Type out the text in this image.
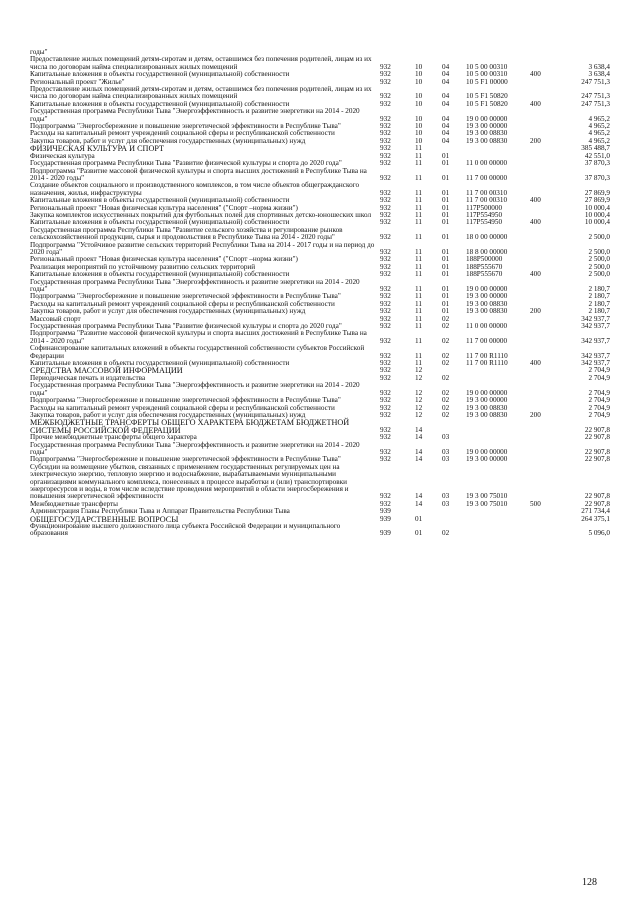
годы"
Предоставление жилых помещений детям-сиротам и детям, оставшимся без попечения родителей, лицам из их числа по договорам найма специализированных жилых помещений	932	10	04 10 5 00 00310	3 638,4
Капитальные вложения в объекты государственной (муниципальной) собственности	932	10	04 10 5 00 00310	400	3 638,4
Региональный проект "Жилье"	932	10	04 10 5 F1 00000	247 751,3
Предоставление жилых помещений детям-сиротам и детям, оставшимся без попечения родителей, лицам из их числа по договорам найма специализированных жилых помещений	932	10	04 10 5 F1 50820	247 751,3
Капитальные вложения в объекты государственной (муниципальной) собственности	932	10	04 10 5 F1 50820	400	247 751,3
Государственная программа Республики Тыва "Энергоэффективность и развитие энергетики на 2014 - 2020 годы"	932	10	04 19 0 00 00000	4 965,2
Подпрограмма "Энергосбережение и повышение энергетической эффективности в Республике Тыва"	932	10	04 19 3 00 00000	4 965,2
Расходы на капитальный ремонт учреждений социальной сферы и республиканской собственности	932	10	04 19 3 00 08830	4 965,2
Закупка товаров, работ и услуг для обеспечения государственных (муниципальных) нужд	932	10	04 19 3 00 08830	200	4 965,2
ФИЗИЧЕСКАЯ КУЛЬТУРА И СПОРТ	932	11	385 488,7
Физическая культура	932	11	01	42 551,0
Государственная программа Республики Тыва "Развитие физической культуры и спорта до 2020 года"	932	11	01 11 0 00 00000	37 870,3
Подпрограмма "Развитие массовой физической культуры и спорта высших достижений в Республике Тыва на 2014 - 2020 годы"	932	11	01 11 7 00 00000	37 870,3
Создание объектов социального и производственного комплексов, в том числе объектов общегражданского назначения, жилья, инфраструктуры	932	11	01 11 7 00 00310	27 869,9
Капитальные вложения в объекты государственной (муниципальной) собственности	932	11	01 11 7 00 00310	400	27 869,9
Региональный проект "Новая физическая культура населения" ("Спорт –норма жизни")	932	11	01 117P500000	10 000,4
Закупка комплектов искусственных покрытий для футбольных полей для спортивных детско-юношеских школ	932	11	01 117P554950	10 000,4
Капитальные вложения в объекты государственной (муниципальной) собственности	932	11	01 117P554950	400	10 000,4
Государственная программа Республики Тыва "Развитие сельского хозяйства и регулирование рынков сельскохозяйственной продукции, сырья и продовольствия в Республике Тыва на 2014 - 2020 годы"	932	11	01 18 0 00 00000	2 500,0
Подпрограмма "Устойчивое развитие сельских территорий Республики Тыва на 2014 - 2017 годы и на период до 2020 года"	932	11	01 18 8 00 00000	2 500,0
Региональный проект "Новая физическая культура населения" ("Спорт –норма жизни")	932	11	01 188P500000	2 500,0
Реализация мероприятий по устойчивому развитию сельских территорий	932	11	01 188P555670	2 500,0
Капитальные вложения в объекты государственной (муниципальной) собственности	932	11	01 188P555670	400	2 500,0
Государственная программа Республики Тыва "Энергоэффективность и развитие энергетики на 2014 - 2020 годы"	932	11	01 19 0 00 00000	2 180,7
Подпрограмма "Энергосбережение и повышение энергетической эффективности в Республике Тыва"	932	11	01 19 3 00 00000	2 180,7
Расходы на капитальный ремонт учреждений социальной сферы и республиканской собственности	932	11	01 19 3 00 08830	2 180,7
Закупка товаров, работ и услуг для обеспечения государственных (муниципальных) нужд	932	11	01 19 3 00 08830	200	2 180,7
Массовый спорт	932	11	02	342 937,7
Государственная программа Республики Тыва "Развитие физической культуры и спорта до 2020 года"	932	11	02 11 0 00 00000	342 937,7
Подпрограмма "Развитие массовой физической культуры и спорта высших достижений в Республике Тыва на 2014 - 2020 годы"	932	11	02 11 7 00 00000	342 937,7
Софинансирование капитальных вложений в объекты государственной собственности субъектов Российской Федерации	932	11	02 11 7 00 R1110	342 937,7
Капитальные вложения в объекты государственной (муниципальной) собственности	932	11	02 11 7 00 R1110	400	342 937,7
СРЕДСТВА МАССОВОЙ ИНФОРМАЦИИ	932	12	2 704,9
Периодическая печать и издательства	932	12	02	2 704,9
Государственная программа Республики Тыва "Энергоэффективность и развитие энергетики на 2014 - 2020 годы"	932	12	02 19 0 00 00000	2 704,9
Подпрограмма "Энергосбережение и повышение энергетической эффективности в Республике Тыва"	932	12	02 19 3 00 00000	2 704,9
Расходы на капитальный ремонт учреждений социальной сферы и республиканской собственности	932	12	02 19 3 00 08830	2 704,9
Закупка товаров, работ и услуг для обеспечения государственных (муниципальных) нужд	932	12	02 19 3 00 08830	200	2 704,9
МЕЖБЮДЖЕТНЫЕ ТРАНСФЕРТЫ ОБЩЕГО ХАРАКТЕРА БЮДЖЕТАМ БЮДЖЕТНОЙ СИСТЕМЫ РОССИЙСКОЙ ФЕДЕРАЦИИ	932	14	22 907,8
Прочие межбюджетные трансферты общего характера	932	14	03	22 907,8
Государственная программа Республики Тыва "Энергоэффективность и развитие энергетики на 2014 - 2020 годы"	932	14	03 19 0 00 00000	22 907,8
Подпрограмма "Энергосбережение и повышение энергетической эффективности в Республике Тыва"	932	14	03 19 3 00 00000	22 907,8
Субсидии на возмещение убытков, связанных с применением государственных регулируемых цен на электрическую энергию, тепловую энергию и водоснабжение, вырабатываемыми муниципальными организациями коммунального комплекса, понесенных в процессе выработки и (или) транспортировки энергоресурсов и воды, в том числе вследствие проведения мероприятий в области энергосбережения и повышения энергетической эффективности	932	14	03 19 3 00 75010	22 907,8
Межбюджетные трансферты	932	14	03 19 3 00 75010	500	22 907,8
Администрация Главы Республики Тыва и Аппарат Правительства Республики Тыва	939	271 734,4
ОБЩЕГОСУДАРСТВЕННЫЕ ВОПРОСЫ	939	01	264 375,1
Функционирование высшего должностного лица субъекта Российской Федерации и муниципального образования	939	01	02	5 096,0
128
